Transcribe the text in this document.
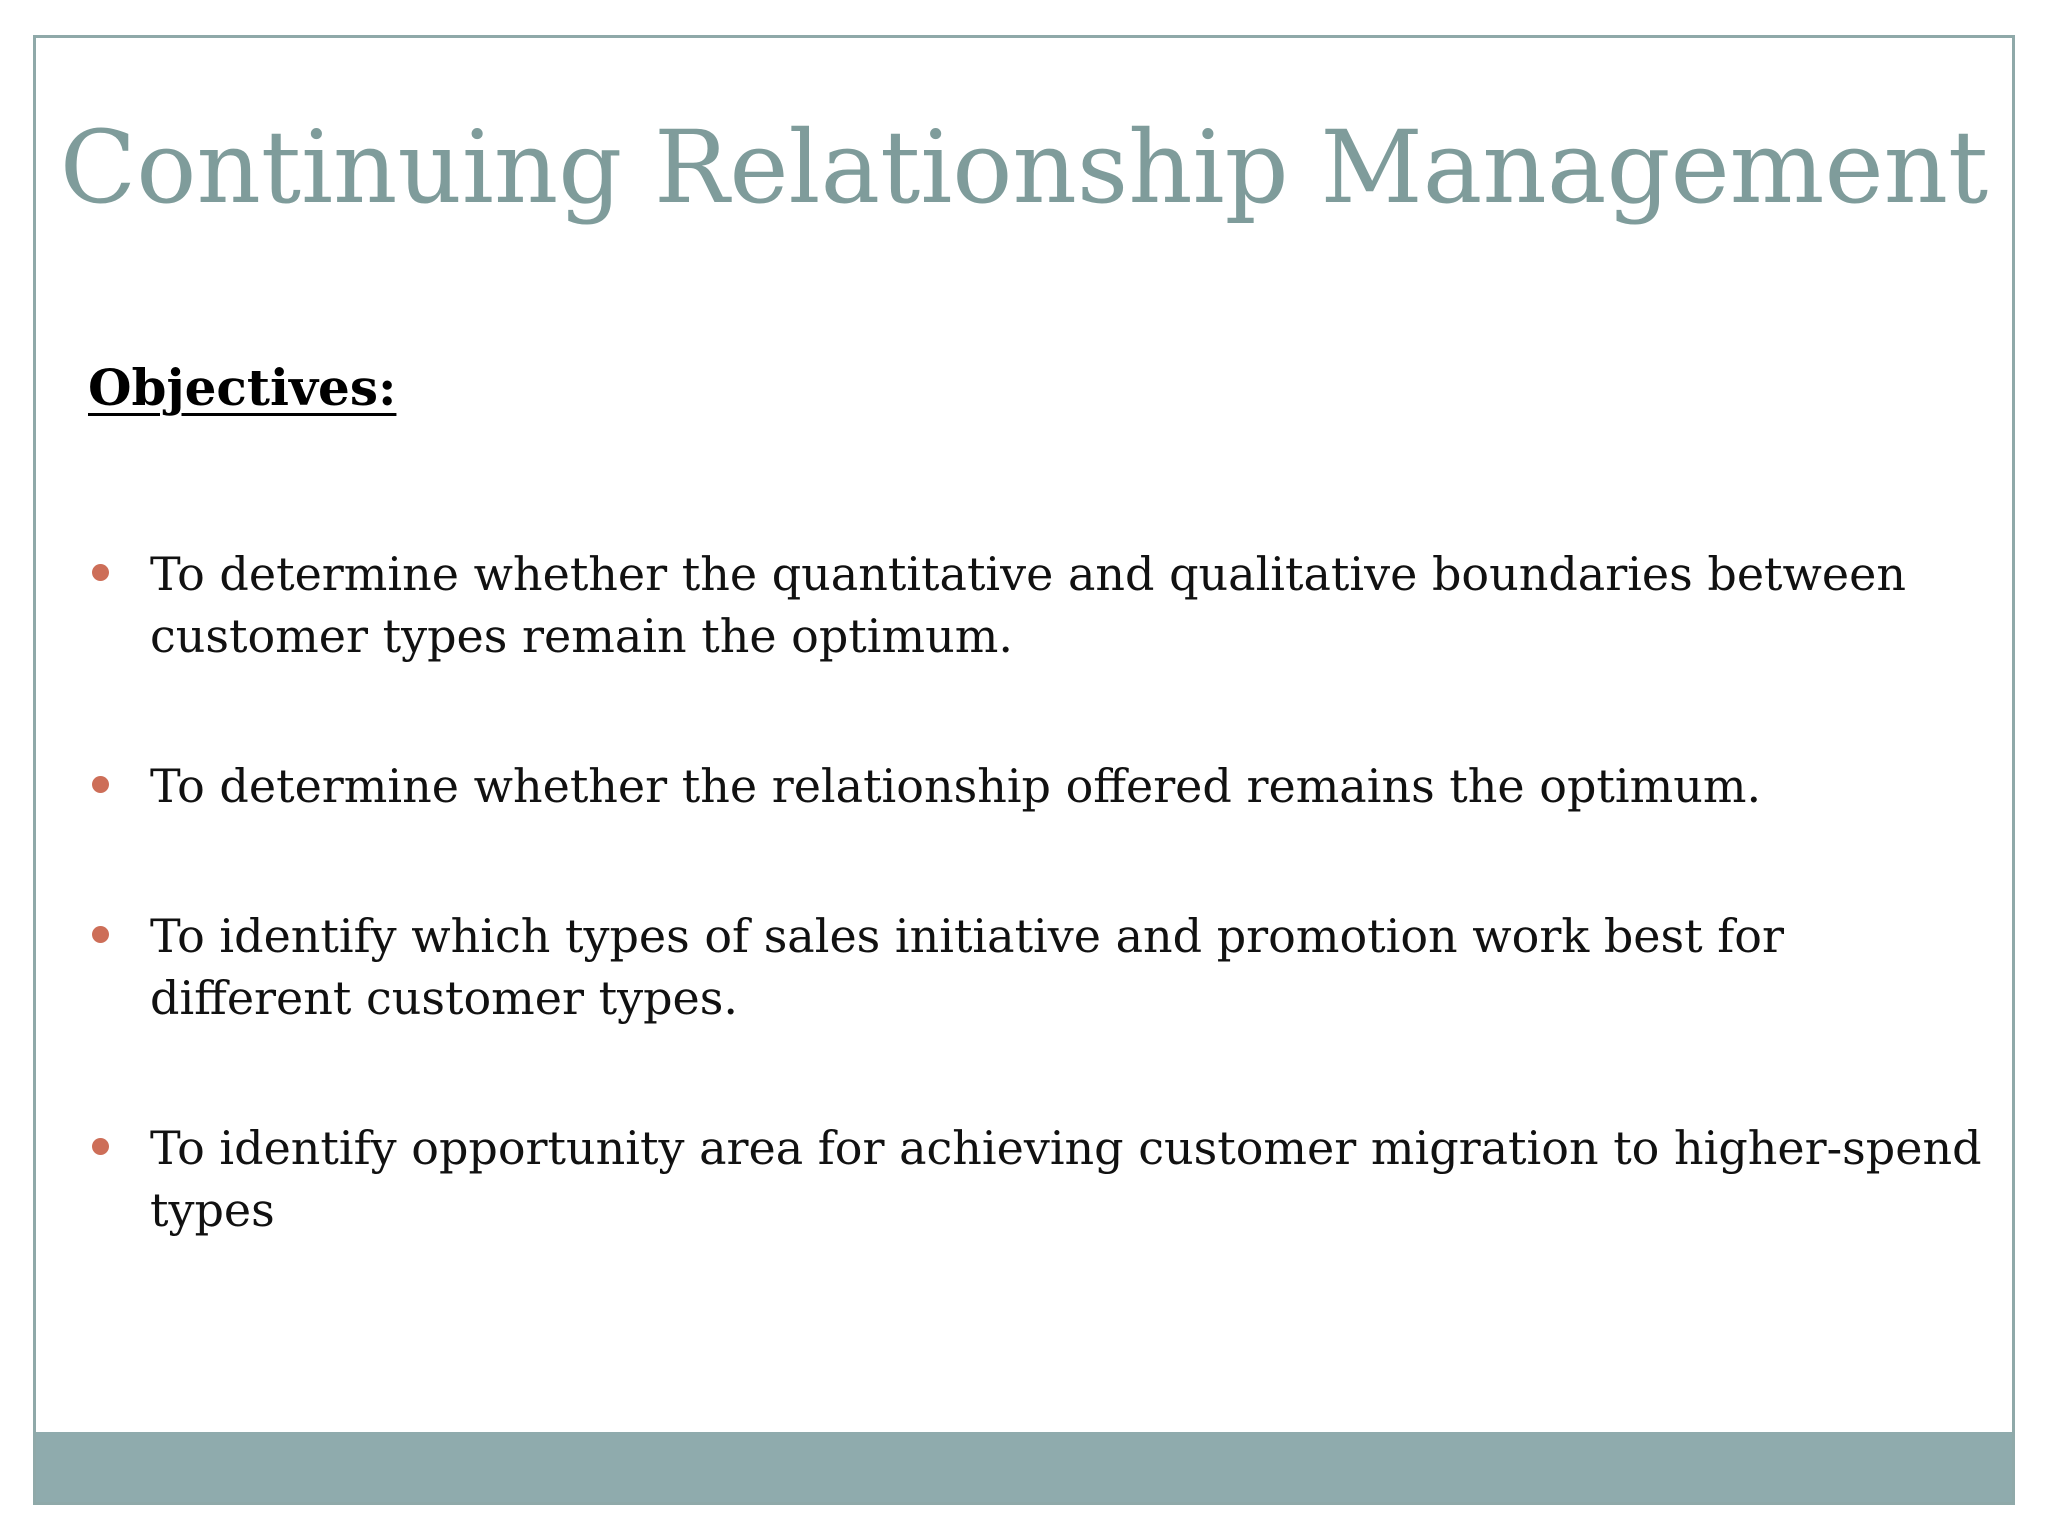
Continuing Relationship Management
Objectives:
To determine whether the quantitative and qualitative boundaries between customer types remain the optimum.
To determine whether the relationship offered remains the optimum.
To identify which types of sales initiative and promotion work best for different customer types.
To identify opportunity area for achieving customer migration to higher-spend types
